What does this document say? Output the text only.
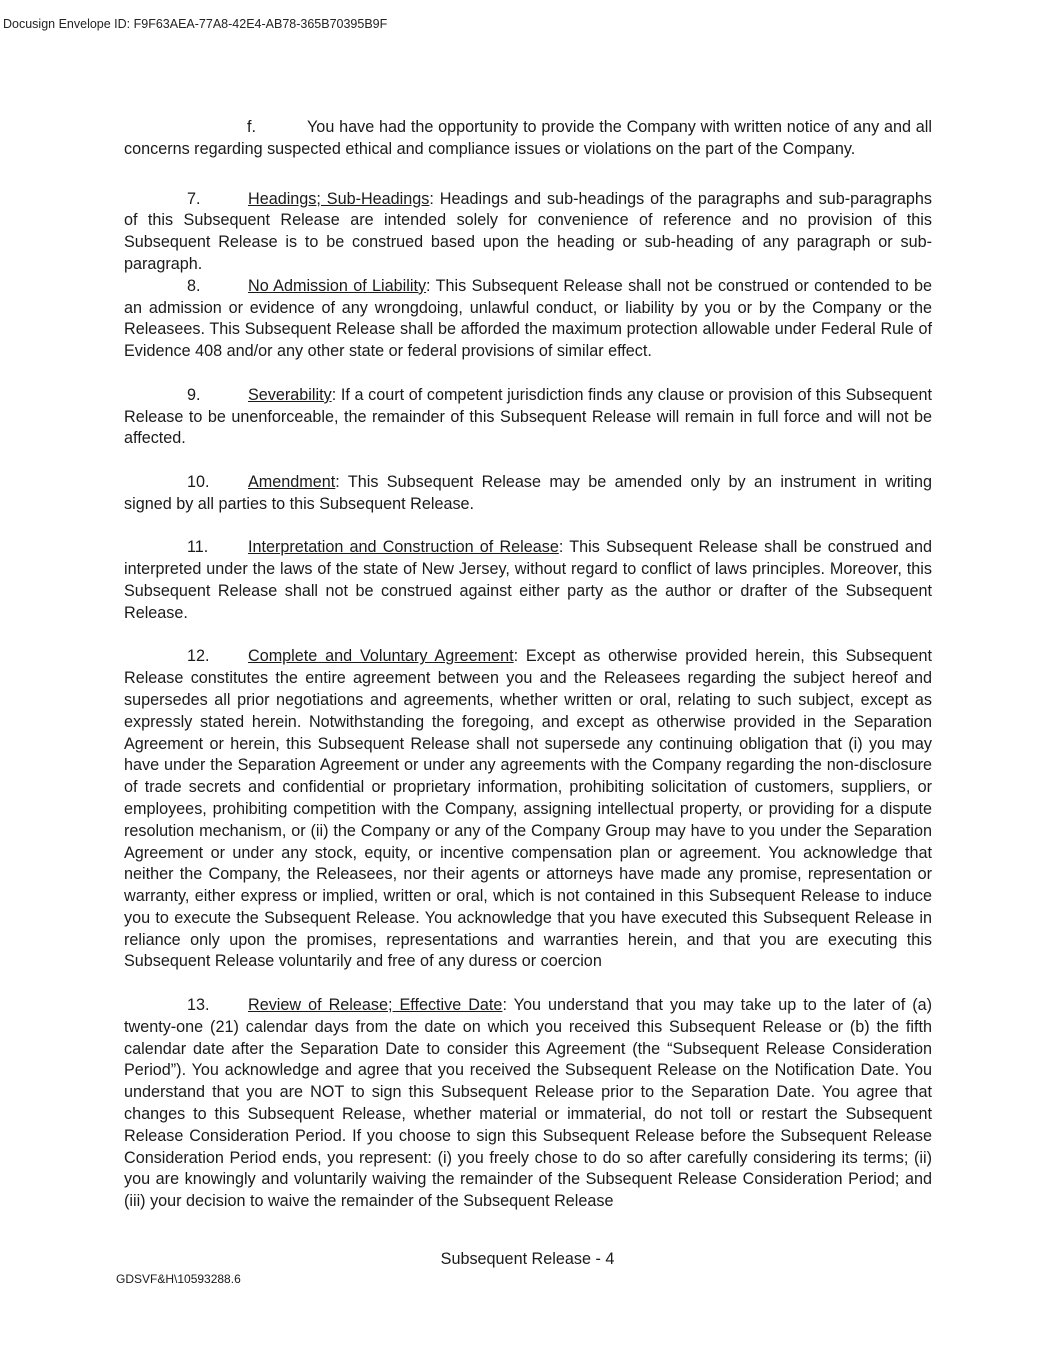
Docusign Envelope ID: F9F63AEA-77A8-42E4-AB78-365B70395B9F

f.	You have had the opportunity to provide the Company with written notice of any and all concerns regarding suspected ethical and compliance issues or violations on the part of the Company.

7.	Headings; Sub-Headings: Headings and sub-headings of the paragraphs and sub-paragraphs of this Subsequent Release are intended solely for convenience of reference and no provision of this Subsequent Release is to be construed based upon the heading or sub-heading of any paragraph or sub-paragraph.

8.	No Admission of Liability: This Subsequent Release shall not be construed or contended to be an admission or evidence of any wrongdoing, unlawful conduct, or liability by you or by the Company or the Releasees. This Subsequent Release shall be afforded the maximum protection allowable under Federal Rule of Evidence 408 and/or any other state or federal provisions of similar effect.

9.	Severability: If a court of competent jurisdiction finds any clause or provision of this Subsequent Release to be unenforceable, the remainder of this Subsequent Release will remain in full force and will not be affected.

10. Amendment: This Subsequent Release may be amended only by an instrument in writing signed by all parties to this Subsequent Release.

11. Interpretation and Construction of Release: This Subsequent Release shall be construed and interpreted under the laws of the state of New Jersey, without regard to conflict of laws principles. Moreover, this Subsequent Release shall not be construed against either party as the author or drafter of the Subsequent Release.

12. Complete and Voluntary Agreement: Except as otherwise provided herein, this Subsequent Release constitutes the entire agreement between you and the Releasees regarding the subject hereof and supersedes all prior negotiations and agreements, whether written or oral, relating to such subject, except as expressly stated herein. Notwithstanding the foregoing, and except as otherwise provided in the Separation Agreement or herein, this Subsequent Release shall not supersede any continuing obligation that (i) you may have under the Separation Agreement or under any agreements with the Company regarding the non-disclosure of trade secrets and confidential or proprietary information, prohibiting solicitation of customers, suppliers, or employees, prohibiting competition with the Company, assigning intellectual property, or providing for a dispute resolution mechanism, or (ii) the Company or any of the Company Group may have to you under the Separation Agreement or under any stock, equity, or incentive compensation plan or agreement. You acknowledge that neither the Company, the Releasees, nor their agents or attorneys have made any promise, representation or warranty, either express or implied, written or oral, which is not contained in this Subsequent Release to induce you to execute the Subsequent Release. You acknowledge that you have executed this Subsequent Release in reliance only upon the promises, representations and warranties herein, and that you are executing this Subsequent Release voluntarily and free of any duress or coercion

13. Review of Release; Effective Date: You understand that you may take up to the later of (a) twenty-one (21) calendar days from the date on which you received this Subsequent Release or (b) the fifth calendar date after the Separation Date to consider this Agreement (the “Subsequent Release Consideration Period”). You acknowledge and agree that you received the Subsequent Release on the Notification Date. You understand that you are NOT to sign this Subsequent Release prior to the Separation Date. You agree that changes to this Subsequent Release, whether material or immaterial, do not toll or restart the Subsequent Release Consideration Period. If you choose to sign this Subsequent Release before the Subsequent Release Consideration Period ends, you represent: (i) you freely chose to do so after carefully considering its terms; (ii) you are knowingly and voluntarily waiving the remainder of the Subsequent Release Consideration Period; and (iii) your decision to waive the remainder of the Subsequent Release

Subsequent Release - 4
GDSVF&H\10593288.6
